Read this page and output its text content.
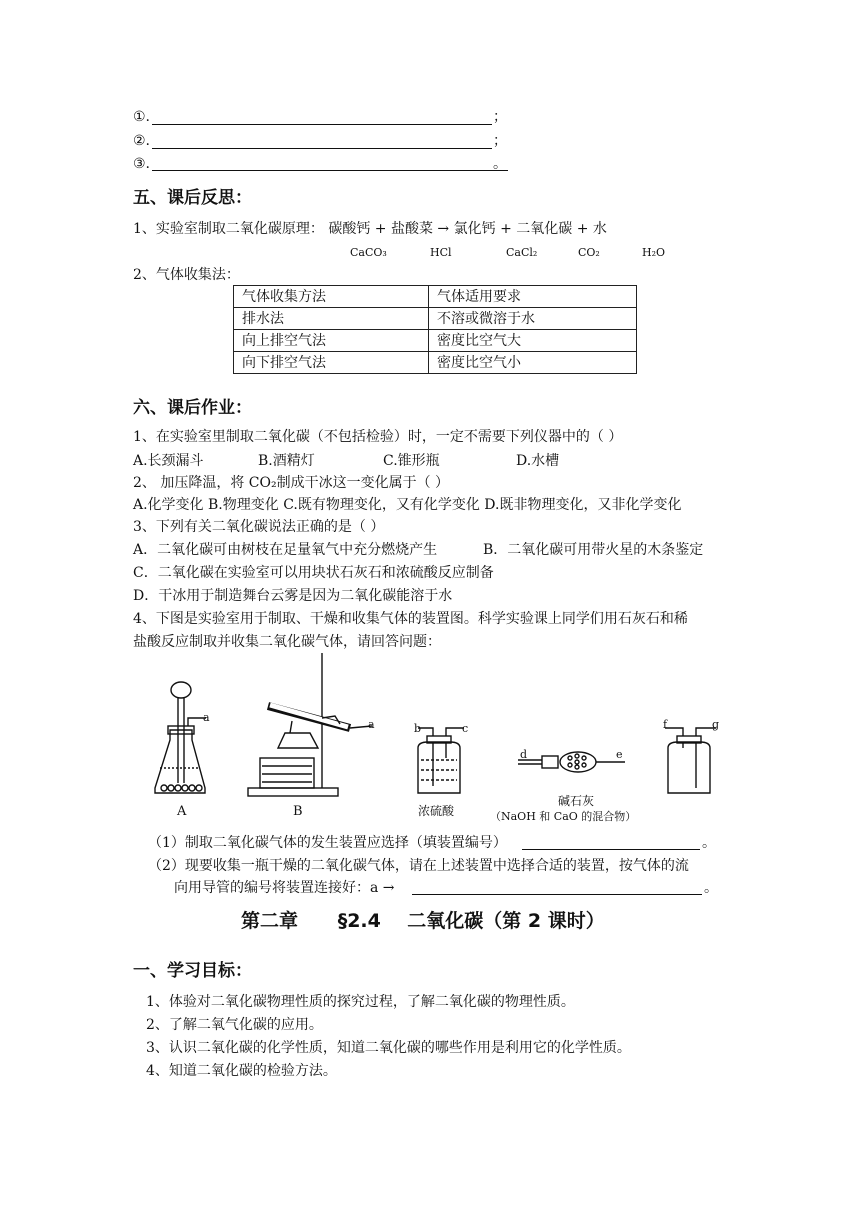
①.	；
②.	；
③.	。
五、课后反思：
1、实验室制取二氧化碳原理： 碳酸钙 + 盐酸菜 → 氯化钙 + 二氧化碳 + 水
CaCO₃	HCl	CaCl₂	CO₂	H₂O
2、气体收集法：
气体收集方法	气体适用要求
排水法	不溶或微溶于水
向上排空气法	密度比空气大
向下排空气法	密度比空气小
六、课后作业：
1、在实验室里制取二氧化碳（不包括检验）时，一定不需要下列仪器中的（ ）
A.长颈漏斗	B.酒精灯	C.锥形瓶	D.水槽
2、 加压降温，将 CO₂制成干冰这一变化属于（ ）
A.化学变化 B.物理变化 C.既有物理变化，又有化学变化 D.既非物理变化，又非化学变化
3、下列有关二氧化碳说法正确的是（ ）
A．二氧化碳可由树枝在足量氧气中充分燃烧产生	B．二氧化碳可用带火星的木条鉴定
C．二氧化碳在实验室可以用块状石灰石和浓硫酸反应制备
D．干冰用于制造舞台云雾是因为二氧化碳能溶于水
4、下图是实验室用于制取、干燥和收集气体的装置图。科学实验课上同学们用石灰石和稀
盐酸反应制取并收集二氧化碳气体，请回答问题：
a
a	b	c
d	e
f	g
A	B	浓硫酸
碱石灰
（NaOH 和 CaO 的混合物）
（1）制取二氧化碳气体的发生装置应选择（填装置编号）	。
（2）现要收集一瓶干燥的二氧化碳气体，请在上述装置中选择合适的装置，按气体的流
向用导管的编号将装置连接好：a →	。
第二章      §2.4    二氧化碳（第 2 课时）
一、学习目标：
1、体验对二氧化碳物理性质的探究过程，了解二氧化碳的物理性质。
2、了解二氧气化碳的应用。
3、认识二氧化碳的化学性质，知道二氧化碳的哪些作用是利用它的化学性质。
4、知道二氧化碳的检验方法。
